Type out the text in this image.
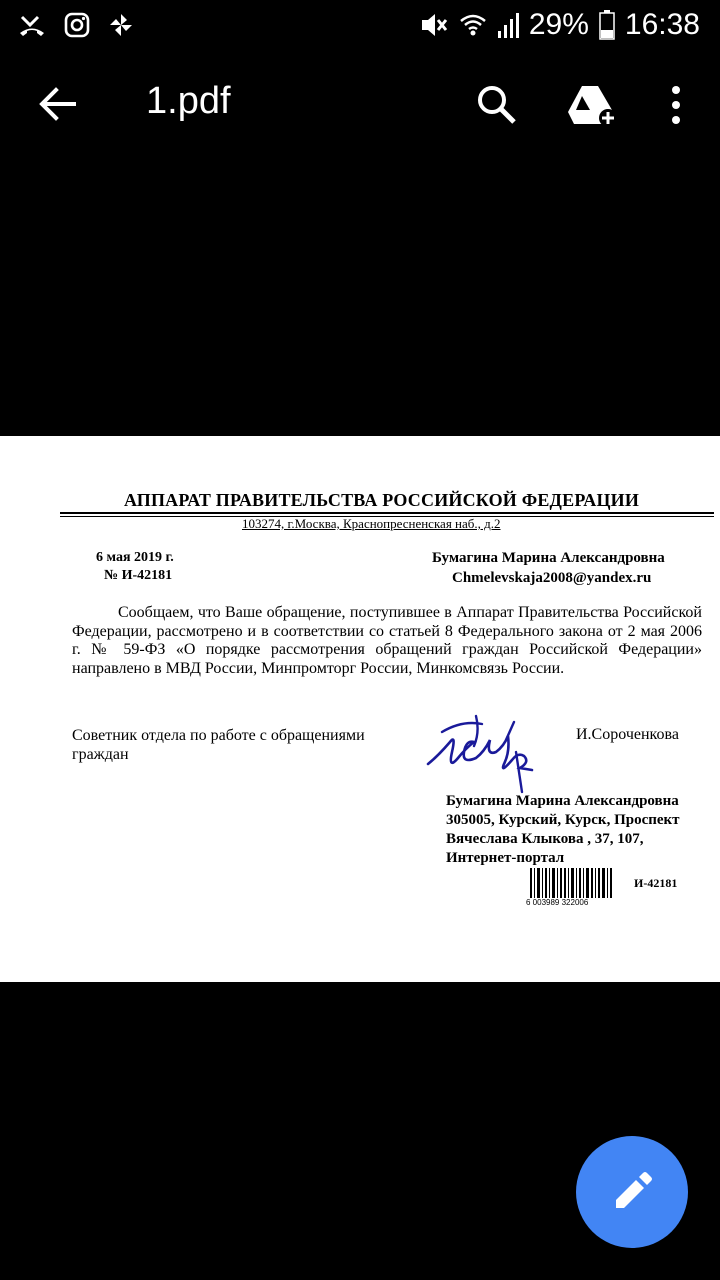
29% 16:38
1.pdf
АППАРАТ ПРАВИТЕЛЬСТВА РОССИЙСКОЙ ФЕДЕРАЦИИ
103274, г.Москва, Краснопресненская наб., д.2
6 мая 2019 г.
№ И-42181
Бумагина Марина Александровна
Chmelevskaja2008@yandex.ru
Сообщаем, что Ваше обращение, поступившее в Аппарат Правительства Российской Федерации, рассмотрено и в соответствии со статьей 8 Федерального закона от 2 мая 2006 г. № 59-ФЗ «О порядке рассмотрения обращений граждан Российской Федерации» направлено в МВД России, Минпромторг России, Минкомсвязь России.
Советник отдела по работе с обращениями
граждан
И.Сороченкова
Бумагина Марина Александровна
305005, Курский, Курск, Проспект
Вячеслава Клыкова , 37, 107,
Интернет-портал
6 003989 322006
И-42181
